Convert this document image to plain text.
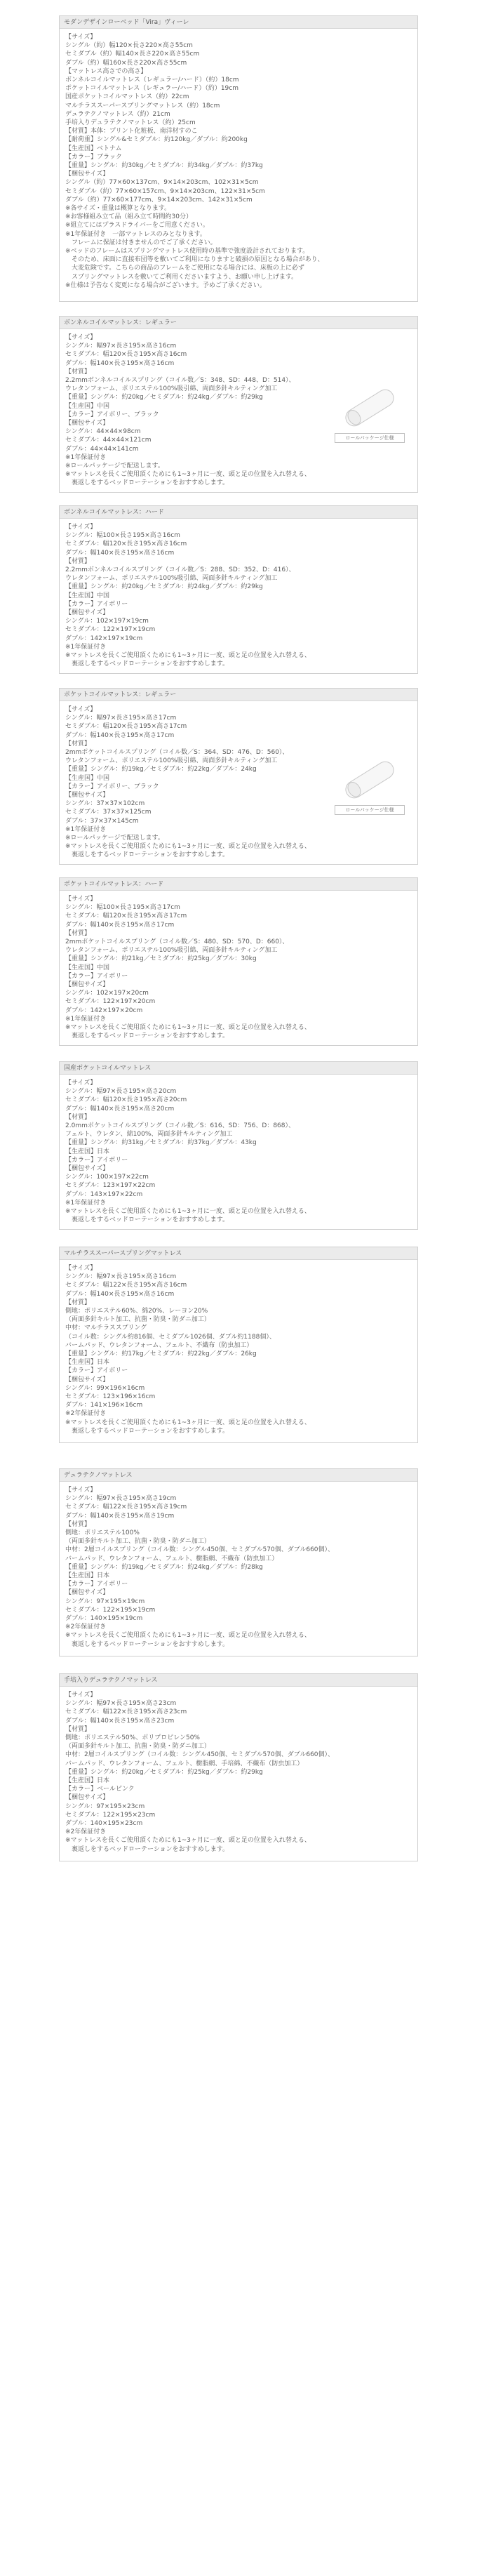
モダンデザインローベッド「Vira」ヴィーレ
【サイズ】
シングル（約）幅120×長さ220×高さ55cm
セミダブル（約）幅140×長さ220×高さ55cm
ダブル（約）幅160×長さ220×高さ55cm
【マットレス高さでの高さ】
ボンネルコイルマットレス（レギュラー/ハード）（約）18cm
ポケットコイルマットレス（レギュラー/ハード）（約）19cm
国産ポケットコイルマットレス（約）22cm
マルチラススーパースプリングマットレス（約）18cm
デュラテクノマットレス（約）21cm
手培入りデュラテクノマットレス（約）25cm
【材質】本体：プリント化粧板、南洋材すのこ
【耐荷重】シングル&セミダブル：約120kg／ダブル：約200kg
【生産国】ベトナム
【カラー】ブラック
【重量】シングル：約30kg／セミダブル：約34kg／ダブル：約37kg
【梱包サイズ】
シングル（約）77×60×137cm、9×14×203cm、102×31×5cm
セミダブル（約）77×60×157cm、9×14×203cm、122×31×5cm
ダブル（約）77×60×177cm、9×14×203cm、142×31×5cm
※各サイズ・重量は概算となります。
※お客様組み立て品（組み立て時間約30分）
※組立てにはプラスドライバーをご用意ください。
※1年保証付き　一部マットレスのみとなります。
　フレームに保証は付きませんのでご了承ください。
※ベッドのフレームはスプリングマットレス使用時の基準で強度設計されております。
　そのため、床面に直接布団等を敷いてご利用になりますと破損の原因となる場合があり、
　大変危険です。こちらの商品のフレームをご使用になる場合には、床板の上に必ず
　スプリングマットレスを敷いてご利用くださいますよう、お願い申し上げます。
※仕様は予告なく変更になる場合がございます。予めご了承ください。
ボンネルコイルマットレス：レギュラー
【サイズ】
シングル：幅97×長さ195×高さ16cm
セミダブル：幅120×長さ195×高さ16cm
ダブル：幅140×長さ195×高さ16cm
【材質】
2.2mmボンネルコイルスプリング（コイル数／S：348、SD：448、D：514）、
ウレタンフォーム、ポリエステル100%吸引綿、両面多針キルティング加工
【重量】シングル：約20kg／セミダブル：約24kg／ダブル：約29kg
【生産国】中国
【カラー】アイボリー、ブラック
【梱包サイズ】
シングル：44×44×98cm
セミダブル：44×44×121cm
ダブル：44×44×141cm
※1年保証付き
※ロールパッケージで配送します。
※マットレスを長くご使用頂くためにも1~3ヶ月に一度、頭と足の位置を入れ替える、
　裏返しをするベッドローテーションをおすすめします。
ロールパッケージ仕様
ボンネルコイルマットレス：ハード
【サイズ】
シングル：幅100×長さ195×高さ16cm
セミダブル：幅120×長さ195×高さ16cm
ダブル：幅140×長さ195×高さ16cm
【材質】
2.2mmボンネルコイルスプリング（コイル数／S：288、SD：352、D：416）、
ウレタンフォーム、ポリエステル100%吸引綿、両面多針キルティング加工
【重量】シングル：約20kg／セミダブル：約24kg／ダブル：約29kg
【生産国】中国
【カラー】アイボリー
【梱包サイズ】
シングル：102×197×19cm
セミダブル：122×197×19cm
ダブル：142×197×19cm
※1年保証付き
※マットレスを長くご使用頂くためにも1~3ヶ月に一度、頭と足の位置を入れ替える、
　裏返しをするベッドローテーションをおすすめします。
ポケットコイルマットレス：レギュラー
【サイズ】
シングル：幅97×長さ195×高さ17cm
セミダブル：幅120×長さ195×高さ17cm
ダブル：幅140×長さ195×高さ17cm
【材質】
2mmポケットコイルスプリング（コイル数／S：364、SD：476、D：560）、
ウレタンフォーム、ポリエステル100%吸引綿、両面多針キルティング加工
【重量】シングル：約19kg／セミダブル：約22kg／ダブル：24kg
【生産国】中国
【カラー】アイボリー、ブラック
【梱包サイズ】
シングル：37×37×102cm
セミダブル：37×37×125cm
ダブル：37×37×145cm
※1年保証付き
※ロールパッケージで配送します。
※マットレスを長くご使用頂くためにも1~3ヶ月に一度、頭と足の位置を入れ替える、
　裏返しをするベッドローテーションをおすすめします。
ロールパッケージ仕様
ポケットコイルマットレス：ハード
【サイズ】
シングル：幅100×長さ195×高さ17cm
セミダブル：幅120×長さ195×高さ17cm
ダブル：幅140×長さ195×高さ17cm
【材質】
2mmポケットコイルスプリング（コイル数／S：480、SD：570、D：660）、
ウレタンフォーム、ポリエステル100%吸引綿、両面多針キルティング加工
【重量】シングル：約21kg／セミダブル：約25kg／ダブル：30kg
【生産国】中国
【カラー】アイボリー
【梱包サイズ】
シングル：102×197×20cm
セミダブル：122×197×20cm
ダブル：142×197×20cm
※1年保証付き
※マットレスを長くご使用頂くためにも1~3ヶ月に一度、頭と足の位置を入れ替える、
　裏返しをするベッドローテーションをおすすめします。
国産ポケットコイルマットレス
【サイズ】
シングル：幅97×長さ195×高さ20cm
セミダブル：幅120×長さ195×高さ20cm
ダブル：幅140×長さ195×高さ20cm
【材質】
2.0mmポケットコイルスプリング（コイル数／S：616、SD：756、D：868）、
フェルト、ウレタン、綿100%、両面多針キルティング加工
【重量】シングル：約31kg／セミダブル：約37kg／ダブル：43kg
【生産国】日本
【カラー】アイボリー
【梱包サイズ】
シングル：100×197×22cm
セミダブル：123×197×22cm
ダブル：143×197×22cm
※1年保証付き
※マットレスを長くご使用頂くためにも1~3ヶ月に一度、頭と足の位置を入れ替える、
　裏返しをするベッドローテーションをおすすめします。
マルチラススーパースプリングマットレス
【サイズ】
シングル：幅97×長さ195×高さ16cm
セミダブル：幅122×長さ195×高さ16cm
ダブル：幅140×長さ195×高さ16cm
【材質】
側地：ポリエステル60%、綿20%、レーヨン20%
（両面多針キルト加工、抗菌・防臭・防ダニ加工）
中材：マルチラススプリング
（コイル数：シングル約816個、セミダブル1026個、ダブル約1188個）、
バームパッド、ウレタンフォーム、フェルト、不織布（防虫加工）
【重量】シングル：約17kg／セミダブル：約22kg／ダブル：26kg
【生産国】日本
【カラー】アイボリー
【梱包サイズ】
シングル：99×196×16cm
セミダブル：123×196×16cm
ダブル：141×196×16cm
※2年保証付き
※マットレスを長くご使用頂くためにも1~3ヶ月に一度、頭と足の位置を入れ替える、
　裏返しをするベッドローテーションをおすすめします。
デュラテクノマットレス
【サイズ】
シングル：幅97×長さ195×高さ19cm
セミダブル：幅122×長さ195×高さ19cm
ダブル：幅140×長さ195×高さ19cm
【材質】
側地：ポリエステル100%
（両面多針キルト加工、抗菌・防臭・防ダニ加工）
中材：2層コイルスプリング（コイル数：シングル450個、セミダブル570個、ダブル660個）、
バームパッド、ウレタンフォーム、フェルト、樹脂網、不織布（防虫加工）
【重量】シングル：約19kg／セミダブル：約24kg／ダブル：約28kg
【生産国】日本
【カラー】アイボリー
【梱包サイズ】
シングル：97×195×19cm
セミダブル：122×195×19cm
ダブル：140×195×19cm
※2年保証付き
※マットレスを長くご使用頂くためにも1~3ヶ月に一度、頭と足の位置を入れ替える、
　裏返しをするベッドローテーションをおすすめします。
手培入りデュラテクノマットレス
【サイズ】
シングル：幅97×長さ195×高さ23cm
セミダブル：幅122×長さ195×高さ23cm
ダブル：幅140×長さ195×高さ23cm
【材質】
側地：ポリエステル50%、ポリプロピレン50%
（両面多針キルト加工、抗菌・防臭・防ダニ加工）
中材：2層コイルスプリング（コイル数：シングル450個、セミダブル570個、ダブル660個）、
バームパッド、ウレタンフォーム、フェルト、樹脂網、手培綿、不織布（防虫加工）
【重量】シングル：約20kg／セミダブル：約25kg／ダブル：約29kg
【生産国】日本
【カラー】ベールピンク
【梱包サイズ】
シングル：97×195×23cm
セミダブル：122×195×23cm
ダブル：140×195×23cm
※2年保証付き
※マットレスを長くご使用頂くためにも1~3ヶ月に一度、頭と足の位置を入れ替える、
　裏返しをするベッドローテーションをおすすめします。
